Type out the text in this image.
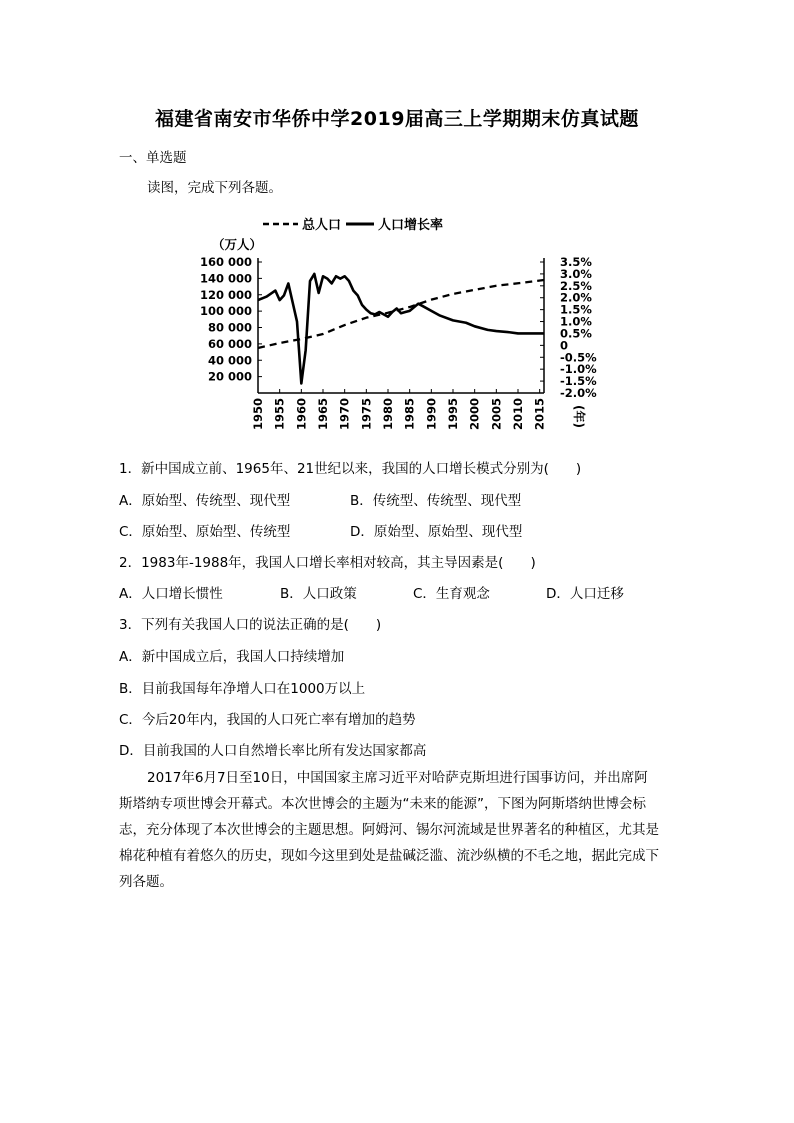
福建省南安市华侨中学2019届高三上学期期末仿真试题
一、单选题
读图，完成下列各题。
总人口	人口增长率
（万人）
(年)
160 000
140 000
120 000
100 000
80 000
60 000
40 000
20 000
3.5%
3.0%
2.5%
2.0%
1.5%
1.0%
0.5%
0
-0.5%
-1.0%
-1.5%
-2.0%
1950 1955 1960 1965 1970 1975 1980 1985 1990 1995 2000 2005 2010 2015
1．新中国成立前、1965年、21世纪以来，我国的人口增长模式分别为(　　)
A．原始型、传统型、现代型	B．传统型、传统型、现代型
C．原始型、原始型、传统型	D．原始型、原始型、现代型
2．1983年-1988年，我国人口增长率相对较高，其主导因素是(　　)
A．人口增长惯性	B．人口政策	C．生育观念	D．人口迁移
3．下列有关我国人口的说法正确的是(　　)
A．新中国成立后，我国人口持续增加
B．目前我国每年净增人口在1000万以上
C．今后20年内，我国的人口死亡率有增加的趋势
D．目前我国的人口自然增长率比所有发达国家都高
2017年6月7日至10日，中国国家主席习近平对哈萨克斯坦进行国事访问，并出席阿
斯塔纳专项世博会开幕式。本次世博会的主题为“未来的能源”，下图为阿斯塔纳世博会标
志，充分体现了本次世博会的主题思想。阿姆河、锡尔河流域是世界著名的种植区，尤其是
棉花种植有着悠久的历史，现如今这里到处是盐碱泛滥、流沙纵横的不毛之地，据此完成下
列各题。
